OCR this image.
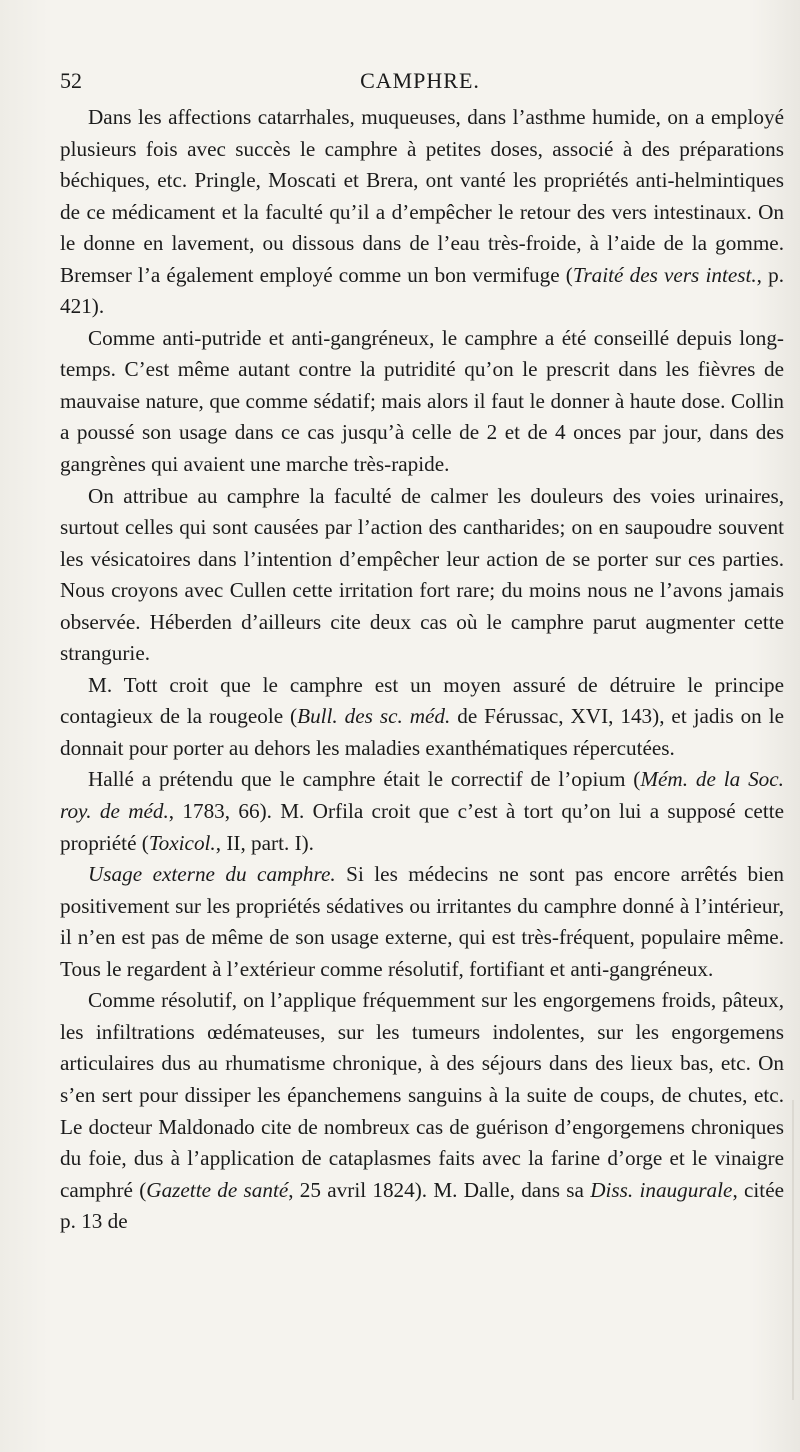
52	CAMPHRE.

Dans les affections catarrhales, muqueuses, dans l’asthme humide, on a employé plusieurs fois avec succès le camphre à petites doses, associé à des préparations béchiques, etc. Pringle, Moscati et Brera, ont vanté les propriétés anti-helmintiques de ce médicament et la faculté qu’il a d’empêcher le retour des vers intestinaux. On le donne en lavement, ou dissous dans de l’eau très-froide, à l’aide de la gomme. Bremser l’a également employé comme un bon vermifuge (Traité des vers intest., p. 421).

Comme anti-putride et anti-gangréneux, le camphre a été conseillé depuis long-temps. C’est même autant contre la putridité qu’on le prescrit dans les fièvres de mauvaise nature, que comme sédatif; mais alors il faut le donner à haute dose. Collin a poussé son usage dans ce cas jusqu’à celle de 2 et de 4 onces par jour, dans des gangrènes qui avaient une marche très-rapide.

On attribue au camphre la faculté de calmer les douleurs des voies urinaires, surtout celles qui sont causées par l’action des cantharides; on en saupoudre souvent les vésicatoires dans l’intention d’empêcher leur action de se porter sur ces parties. Nous croyons avec Cullen cette irritation fort rare; du moins nous ne l’avons jamais observée. Héberden d’ailleurs cite deux cas où le camphre parut augmenter cette strangurie.

M. Tott croit que le camphre est un moyen assuré de détruire le principe contagieux de la rougeole (Bull. des sc. méd. de Férussac, XVI, 143), et jadis on le donnait pour porter au dehors les maladies exanthématiques répercutées.

Hallé a prétendu que le camphre était le correctif de l’opium (Mém. de la Soc. roy. de méd., 1783, 66). M. Orfila croit que c’est à tort qu’on lui a supposé cette propriété (Toxicol., II, part. I).

Usage externe du camphre. Si les médecins ne sont pas encore arrêtés bien positivement sur les propriétés sédatives ou irritantes du camphre donné à l’intérieur, il n’en est pas de même de son usage externe, qui est très-fréquent, populaire même. Tous le regardent à l’extérieur comme résolutif, fortifiant et anti-gangréneux.

Comme résolutif, on l’applique fréquemment sur les engorgemens froids, pâteux, les infiltrations œdémateuses, sur les tumeurs indolentes, sur les engorgemens articulaires dus au rhumatisme chronique, à des séjours dans des lieux bas, etc. On s’en sert pour dissiper les épanchemens sanguins à la suite de coups, de chutes, etc. Le docteur Maldonado cite de nombreux cas de guérison d’engorgemens chroniques du foie, dus à l’application de cataplasmes faits avec la farine d’orge et le vinaigre camphré (Gazette de santé, 25 avril 1824). M. Dalle, dans sa Diss. inaugurale, citée p. 13 de
